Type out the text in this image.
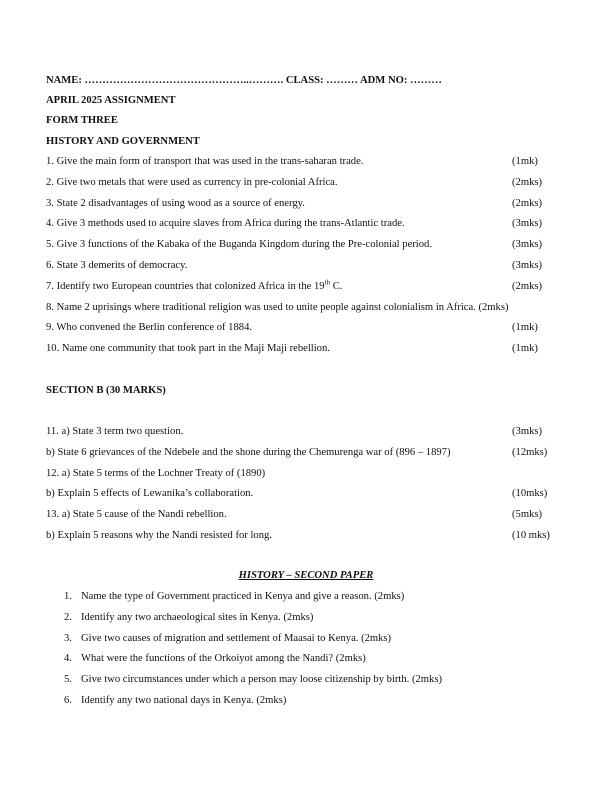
NAME: ………………………………………..………. CLASS: ……… ADM NO: ………
APRIL 2025 ASSIGNMENT
FORM THREE
HISTORY AND GOVERNMENT
1. Give the main form of transport that was used in the trans-saharan trade.	(1mk)
2. Give two metals that were used as currency in pre-colonial Africa.	(2mks)
3. State 2 disadvantages of using wood as a source of energy.	(2mks)
4. Give 3 methods used to acquire slaves from Africa during the trans-Atlantic trade.	(3mks)
5. Give 3 functions of the Kabaka of the Buganda Kingdom during the Pre-colonial period.	(3mks)
6. State 3 demerits of democracy.	(3mks)
7. Identify two European countries that colonized Africa in the 19th C.	(2mks)
8. Name 2 uprisings where traditional religion was used to unite people against colonialism in Africa. (2mks)
9. Who convened the Berlin conference of 1884.	(1mk)
10. Name one community that took part in the Maji Maji rebellion.	(1mk)
SECTION B (30 MARKS)
11. a) State 3 term two question.	(3mks)
b) State 6 grievances of the Ndebele and the shone during the Chemurenga war of (896 – 1897)	(12mks)
12. a) State 5 terms of the Lochner Treaty of (1890)
b) Explain 5 effects of Lewanika’s collaboration.	(10mks)
13. a) State 5 cause of the Nandi rebellion.	(5mks)
b) Explain 5 reasons why the Nandi resisted for long.	(10 mks)
HISTORY – SECOND PAPER
1. Name the type of Government practiced in Kenya and give a reason. (2mks)
2. Identify any two archaeological sites in Kenya. (2mks)
3. Give two causes of migration and settlement of Maasai to Kenya. (2mks)
4. What were the functions of the Orkoiyot among the Nandi? (2mks)
5. Give two circumstances under which a person may loose citizenship by birth. (2mks)
6. Identify any two national days in Kenya. (2mks)
